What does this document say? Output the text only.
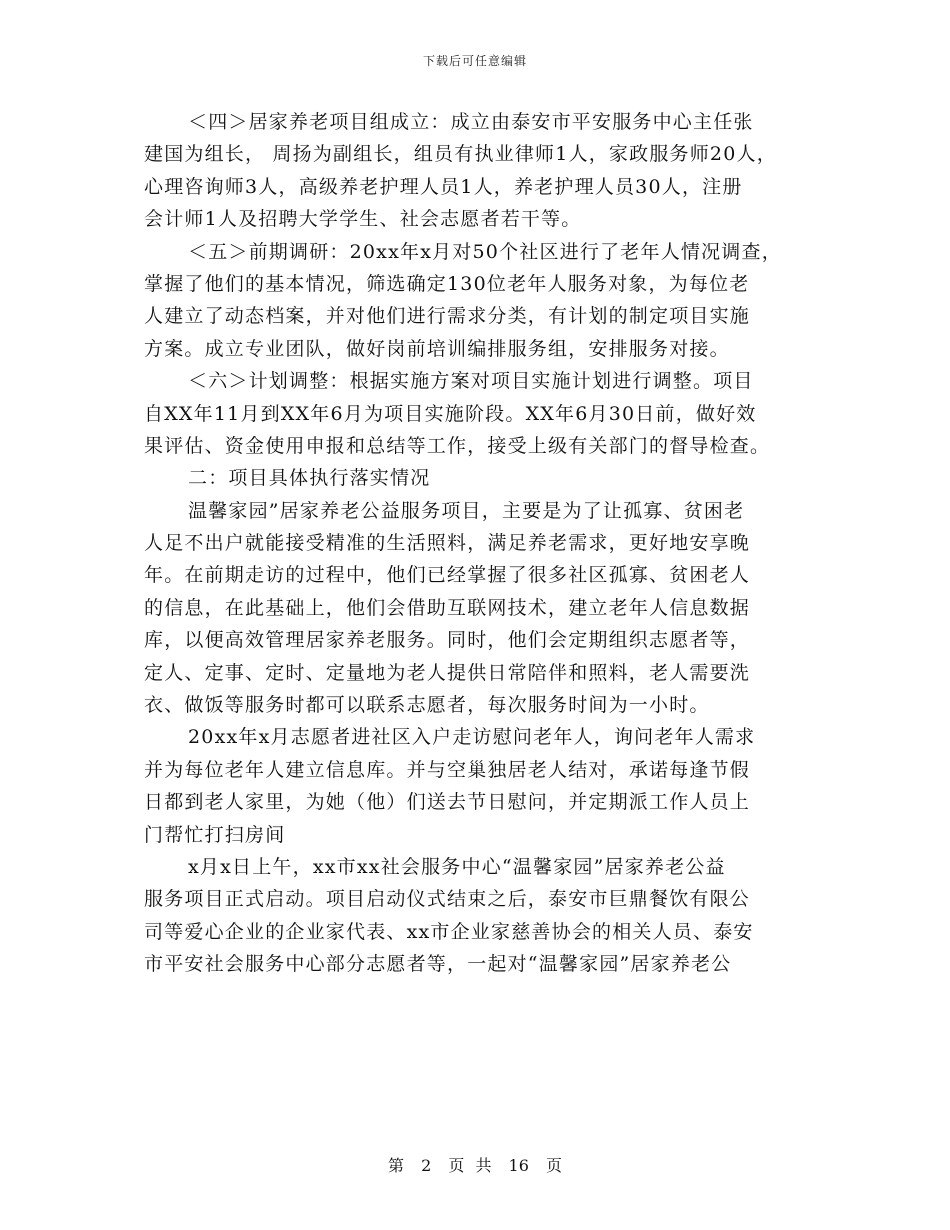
下载后可任意编辑
＜四＞居家养老项目组成立：成立由泰安市平安服务中心主任张
建国为组长， 周扬为副组长，组员有执业律师1人，家政服务师20人，
心理咨询师3人，高级养老护理人员1人，养老护理人员30人，注册
会计师1人及招聘大学学生、社会志愿者若干等。
＜五＞前期调研：20xx年x月对50个社区进行了老年人情况调查，
掌握了他们的基本情况，筛选确定130位老年人服务对象，为每位老
人建立了动态档案，并对他们进行需求分类，有计划的制定项目实施
方案。成立专业团队，做好岗前培训编排服务组，安排服务对接。
＜六＞计划调整：根据实施方案对项目实施计划进行调整。项目
自XX年11月到XX年6月为项目实施阶段。XX年6月30日前，做好效
果评估、资金使用申报和总结等工作，接受上级有关部门的督导检查。
二：项目具体执行落实情况
温馨家园”居家养老公益服务项目，主要是为了让孤寡、贫困老
人足不出户就能接受精准的生活照料，满足养老需求，更好地安享晚
年。在前期走访的过程中，他们已经掌握了很多社区孤寡、贫困老人
的信息，在此基础上，他们会借助互联网技术，建立老年人信息数据
库，以便高效管理居家养老服务。同时，他们会定期组织志愿者等，
定人、定事、定时、定量地为老人提供日常陪伴和照料，老人需要洗
衣、做饭等服务时都可以联系志愿者，每次服务时间为一小时。
20xx年x月志愿者进社区入户走访慰问老年人，询问老年人需求
并为每位老年人建立信息库。并与空巢独居老人结对，承诺每逢节假
日都到老人家里，为她（他）们送去节日慰问，并定期派工作人员上
门帮忙打扫房间
x月x日上午，xx市xx社会服务中心“温馨家园”居家养老公益
服务项目正式启动。项目启动仪式结束之后，泰安市巨鼎餐饮有限公
司等爱心企业的企业家代表、xx市企业家慈善协会的相关人员、泰安
市平安社会服务中心部分志愿者等，一起对“温馨家园”居家养老公
第 2 页 共 16 页
